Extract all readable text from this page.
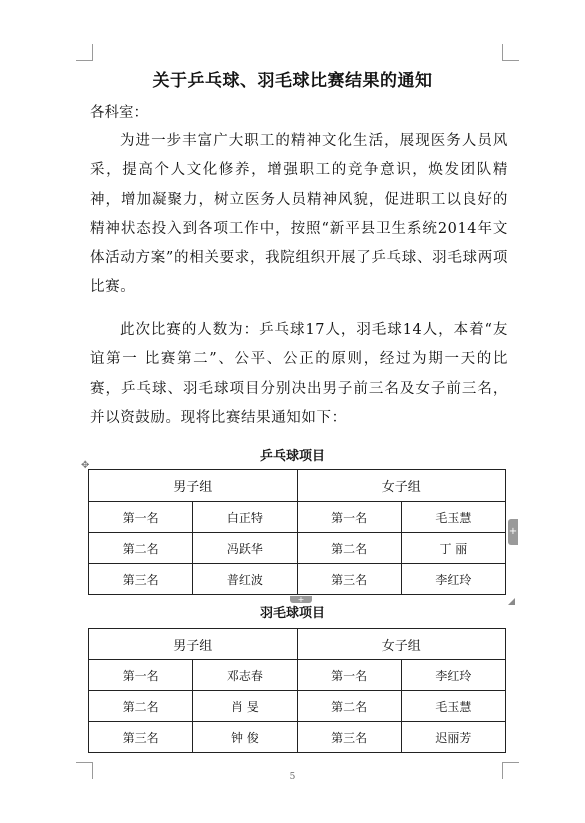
关于乒乓球、羽毛球比赛结果的通知
各科室：

为进一步丰富广大职工的精神文化生活，展现医务人员风采，提高个人文化修养，增强职工的竞争意识，焕发团队精神，增加凝聚力，树立医务人员精神风貌，促进职工以良好的精神状态投入到各项工作中，按照“新平县卫生系统2014年文体活动方案”的相关要求，我院组织开展了乒乓球、羽毛球两项比赛。

此次比赛的人数为：乒乓球17人，羽毛球14人，本着“友谊第一 比赛第二”、公平、公正的原则，经过为期一天的比赛，乒乓球、羽毛球项目分别决出男子前三名及女子前三名，并以资鼓励。现将比赛结果通知如下：

乒乓球项目
✥
男子组		女子组	
第一名	白正特	第一名	毛玉慧
第二名	冯跃华	第二名	丁 丽
第三名	普红波	第三名	李红玲
+
+
羽毛球项目
男子组		女子组	
第一名	邓志春	第一名	李红玲
第二名	肖 旻	第二名	毛玉慧
第三名	钟 俊	第三名	迟丽芳
5
